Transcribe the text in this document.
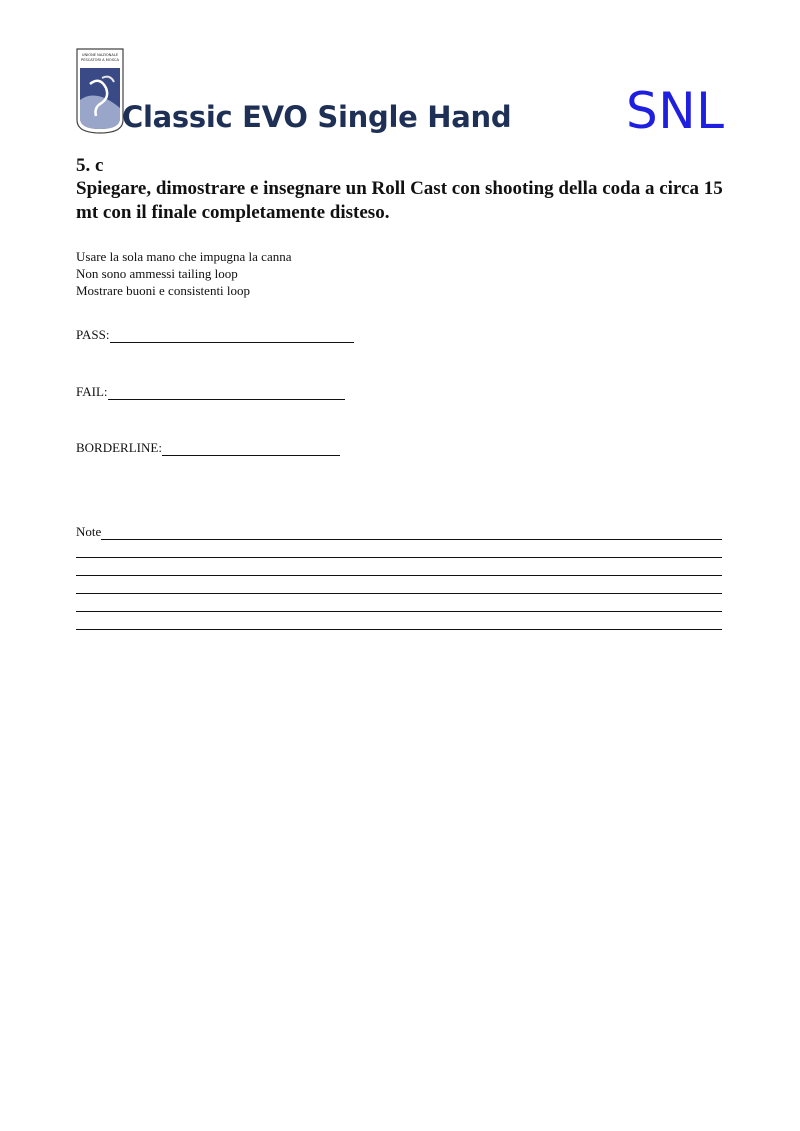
UNIONE NAZIONALE
PESCATORI A MOSCA
Classic EVO Single Hand SNL
5. c
Spiegare, dimostrare e insegnare un Roll Cast con shooting della coda a circa 15 mt con il finale completamente disteso.
Usare la sola mano che impugna la canna
Non sono ammessi tailing loop
Mostrare buoni e consistenti loop
PASS:
FAIL:
BORDERLINE:
Note
